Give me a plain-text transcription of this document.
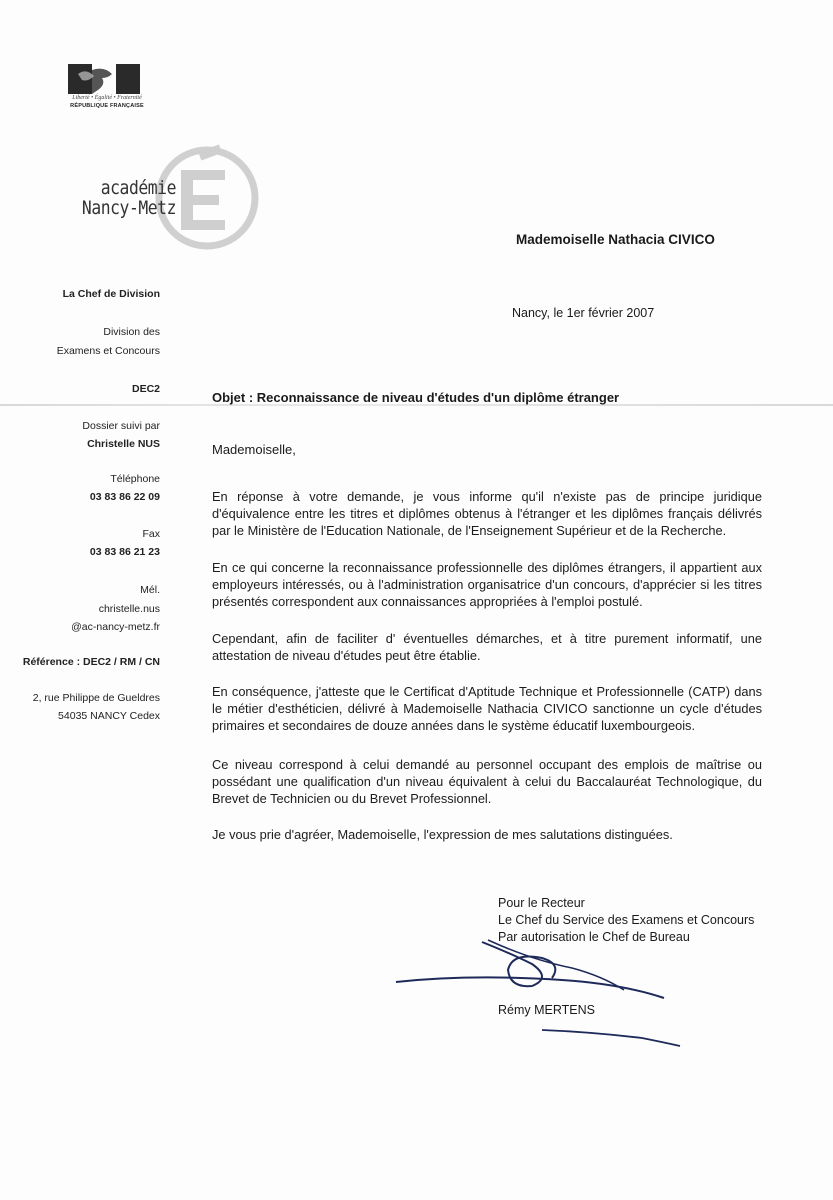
Liberté • Égalité • Fraternité
RÉPUBLIQUE FRANÇAISE
académie
Nancy-Metz
La Chef de Division
Division des
Examens et Concours
DEC2
Dossier suivi par
Christelle NUS
Téléphone
03 83 86 22 09
Fax
03 83 86 21 23
Mél.
christelle.nus
@ac-nancy-metz.fr
Référence : DEC2 / RM / CN
2, rue Philippe de Gueldres
54035 NANCY Cedex
Mademoiselle Nathacia CIVICO
Nancy, le 1er février 2007
Objet : Reconnaissance de niveau d'études d'un diplôme étranger
Mademoiselle,
En réponse à votre demande, je vous informe qu'il n'existe pas de principe juridique d'équivalence entre les titres et diplômes obtenus à l'étranger et les diplômes français délivrés par le Ministère de l'Education Nationale, de l'Enseignement Supérieur et de la Recherche.
En ce qui concerne la reconnaissance professionnelle des diplômes étrangers, il appartient aux employeurs intéressés, ou à l'administration organisatrice d'un concours, d'apprécier si les titres présentés correspondent aux connaissances appropriées à l'emploi postulé.
Cependant, afin de faciliter d' éventuelles démarches, et à titre purement informatif, une attestation de niveau d'études peut être établie.
En conséquence, j'atteste que le Certificat d'Aptitude Technique et Professionnelle (CATP) dans le métier d'esthéticien, délivré à Mademoiselle Nathacia CIVICO sanctionne un cycle d'études primaires et secondaires de douze années dans le système éducatif luxembourgeois.
Ce niveau correspond à celui demandé au personnel occupant des emplois de maîtrise ou possédant une qualification d'un niveau équivalent à celui du Baccalauréat Technologique, du Brevet de Technicien ou du Brevet Professionnel.
Je vous prie d'agréer, Mademoiselle, l'expression de mes salutations distinguées.
Pour le Recteur
Le Chef du Service des Examens et Concours
Par autorisation le Chef de Bureau
Rémy MERTENS
